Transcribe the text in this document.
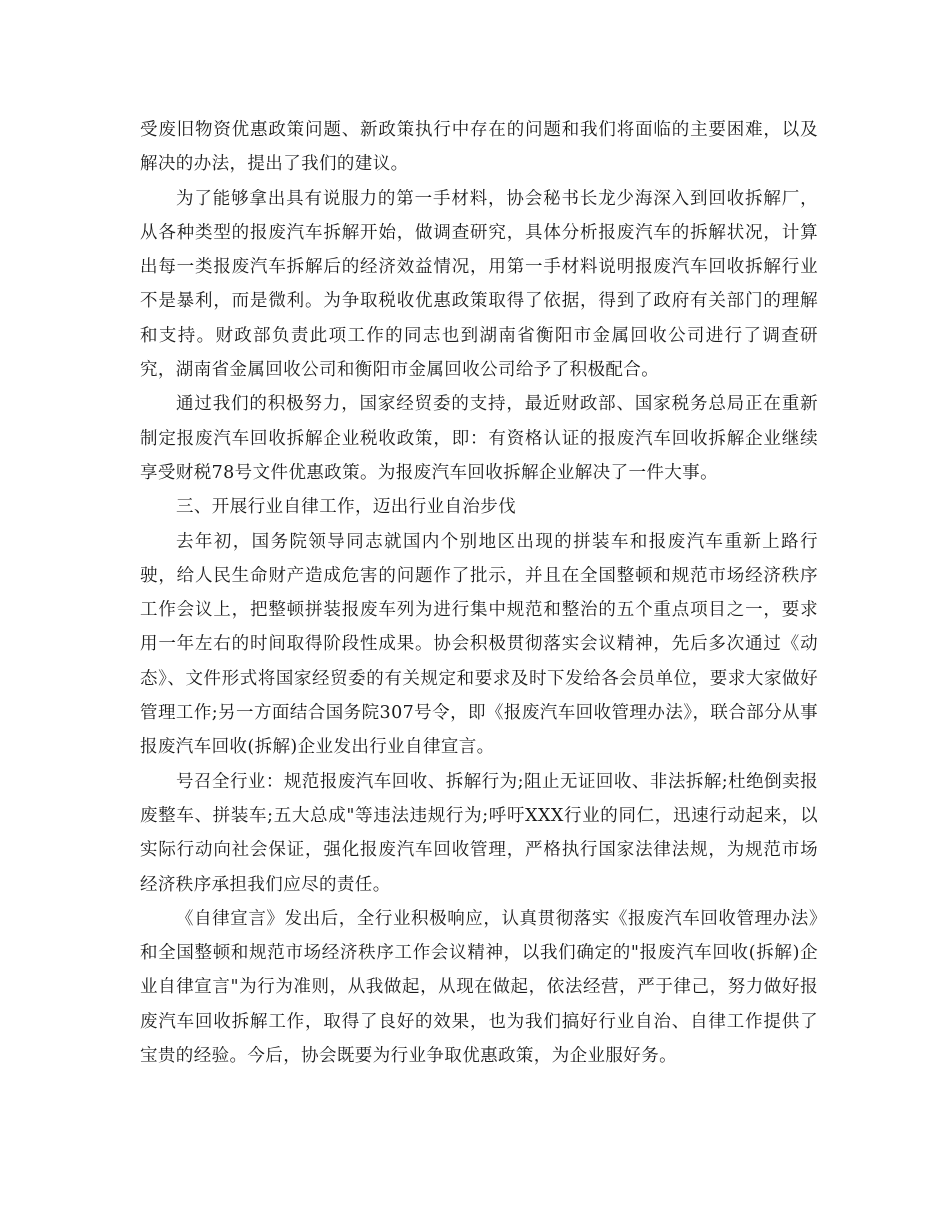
受废旧物资优惠政策问题、新政策执行中存在的问题和我们将面临的主要困难，以及解决的办法，提出了我们的建议。

为了能够拿出具有说服力的第一手材料，协会秘书长龙少海深入到回收拆解厂，从各种类型的报废汽车拆解开始，做调查研究，具体分析报废汽车的拆解状况，计算出每一类报废汽车拆解后的经济效益情况，用第一手材料说明报废汽车回收拆解行业不是暴利，而是微利。为争取税收优惠政策取得了依据，得到了政府有关部门的理解和支持。财政部负责此项工作的同志也到湖南省衡阳市金属回收公司进行了调查研究，湖南省金属回收公司和衡阳市金属回收公司给予了积极配合。

通过我们的积极努力，国家经贸委的支持，最近财政部、国家税务总局正在重新制定报废汽车回收拆解企业税收政策，即：有资格认证的报废汽车回收拆解企业继续享受财税78号文件优惠政策。为报废汽车回收拆解企业解决了一件大事。

三、开展行业自律工作，迈出行业自治步伐

去年初，国务院领导同志就国内个别地区出现的拼装车和报废汽车重新上路行驶，给人民生命财产造成危害的问题作了批示，并且在全国整顿和规范市场经济秩序工作会议上，把整顿拼装报废车列为进行集中规范和整治的五个重点项目之一，要求用一年左右的时间取得阶段性成果。协会积极贯彻落实会议精神，先后多次通过《动态》、文件形式将国家经贸委的有关规定和要求及时下发给各会员单位，要求大家做好管理工作;另一方面结合国务院307号令，即《报废汽车回收管理办法》，联合部分从事报废汽车回收(拆解)企业发出行业自律宣言。

号召全行业：规范报废汽车回收、拆解行为;阻止无证回收、非法拆解;杜绝倒卖报废整车、拼装车;五大总成"等违法违规行为;呼吁XXX行业的同仁，迅速行动起来，以实际行动向社会保证，强化报废汽车回收管理，严格执行国家法律法规，为规范市场经济秩序承担我们应尽的责任。

《自律宣言》发出后，全行业积极响应，认真贯彻落实《报废汽车回收管理办法》和全国整顿和规范市场经济秩序工作会议精神，以我们确定的"报废汽车回收(拆解)企业自律宣言"为行为准则，从我做起，从现在做起，依法经营，严于律己，努力做好报废汽车回收拆解工作，取得了良好的效果，也为我们搞好行业自治、自律工作提供了宝贵的经验。今后，协会既要为行业争取优惠政策，为企业服好务。
